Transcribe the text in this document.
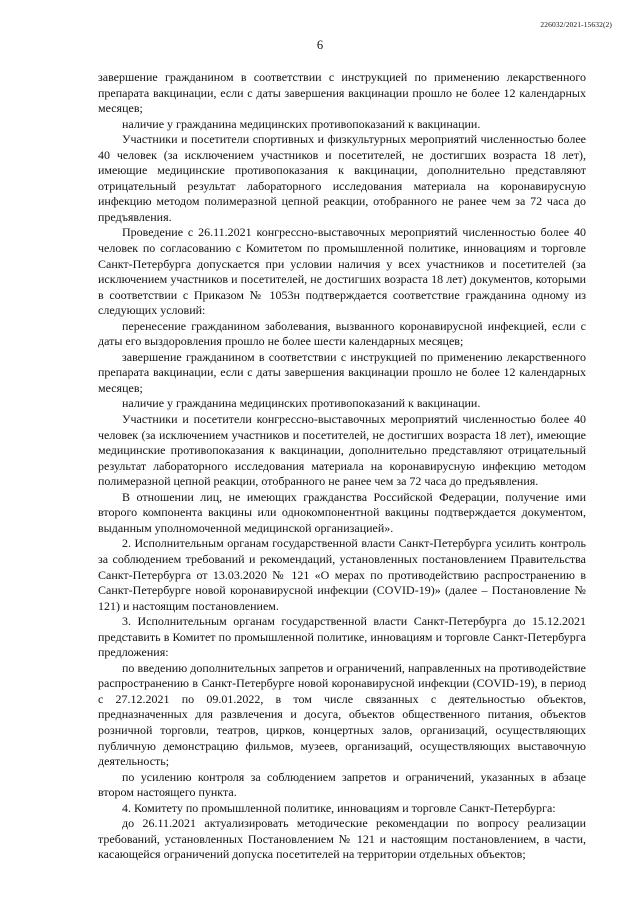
226032/2021-15632(2)
6

завершение гражданином в соответствии с инструкцией по применению лекарственного препарата вакцинации, если с даты завершения вакцинации прошло не более 12 календарных месяцев;

наличие у гражданина медицинских противопоказаний к вакцинации.

Участники и посетители спортивных и физкультурных мероприятий численностью более 40 человек (за исключением участников и посетителей, не достигших возраста 18 лет), имеющие медицинские противопоказания к вакцинации, дополнительно представляют отрицательный результат лабораторного исследования материала на коронавирусную инфекцию методом полимеразной цепной реакции, отобранного не ранее чем за 72 часа до предъявления.

Проведение с 26.11.2021 конгрессно-выставочных мероприятий численностью более 40 человек по согласованию с Комитетом по промышленной политике, инновациям и торговле Санкт-Петербурга допускается при условии наличия у всех участников и посетителей (за исключением участников и посетителей, не достигших возраста 18 лет) документов, которыми в соответствии с Приказом № 1053н подтверждается соответствие гражданина одному из следующих условий:

перенесение гражданином заболевания, вызванного коронавирусной инфекцией, если с даты его выздоровления прошло не более шести календарных месяцев;

завершение гражданином в соответствии с инструкцией по применению лекарственного препарата вакцинации, если с даты завершения вакцинации прошло не более 12 календарных месяцев;

наличие у гражданина медицинских противопоказаний к вакцинации.

Участники и посетители конгрессно-выставочных мероприятий численностью более 40 человек (за исключением участников и посетителей, не достигших возраста 18 лет), имеющие медицинские противопоказания к вакцинации, дополнительно представляют отрицательный результат лабораторного исследования материала на коронавирусную инфекцию методом полимеразной цепной реакции, отобранного не ранее чем за 72 часа до предъявления.

В отношении лиц, не имеющих гражданства Российской Федерации, получение ими второго компонента вакцины или однокомпонентной вакцины подтверждается документом, выданным уполномоченной медицинской организацией».

2. Исполнительным органам государственной власти Санкт-Петербурга усилить контроль за соблюдением требований и рекомендаций, установленных постановлением Правительства Санкт-Петербурга от 13.03.2020 № 121 «О мерах по противодействию распространению в Санкт-Петербурге новой коронавирусной инфекции (COVID-19)» (далее – Постановление № 121) и настоящим постановлением.

3. Исполнительным органам государственной власти Санкт-Петербурга до 15.12.2021 представить в Комитет по промышленной политике, инновациям и торговле Санкт-Петербурга предложения:

по введению дополнительных запретов и ограничений, направленных на противодействие распространению в Санкт-Петербурге новой коронавирусной инфекции (COVID-19), в период с 27.12.2021 по 09.01.2022, в том числе связанных с деятельностью объектов, предназначенных для развлечения и досуга, объектов общественного питания, объектов розничной торговли, театров, цирков, концертных залов, организаций, осуществляющих публичную демонстрацию фильмов, музеев, организаций, осуществляющих выставочную деятельность;

по усилению контроля за соблюдением запретов и ограничений, указанных в абзаце втором настоящего пункта.

4. Комитету по промышленной политике, инновациям и торговле Санкт-Петербурга:

до 26.11.2021 актуализировать методические рекомендации по вопросу реализации требований, установленных Постановлением № 121 и настоящим постановлением, в части, касающейся ограничений допуска посетителей на территории отдельных объектов;
